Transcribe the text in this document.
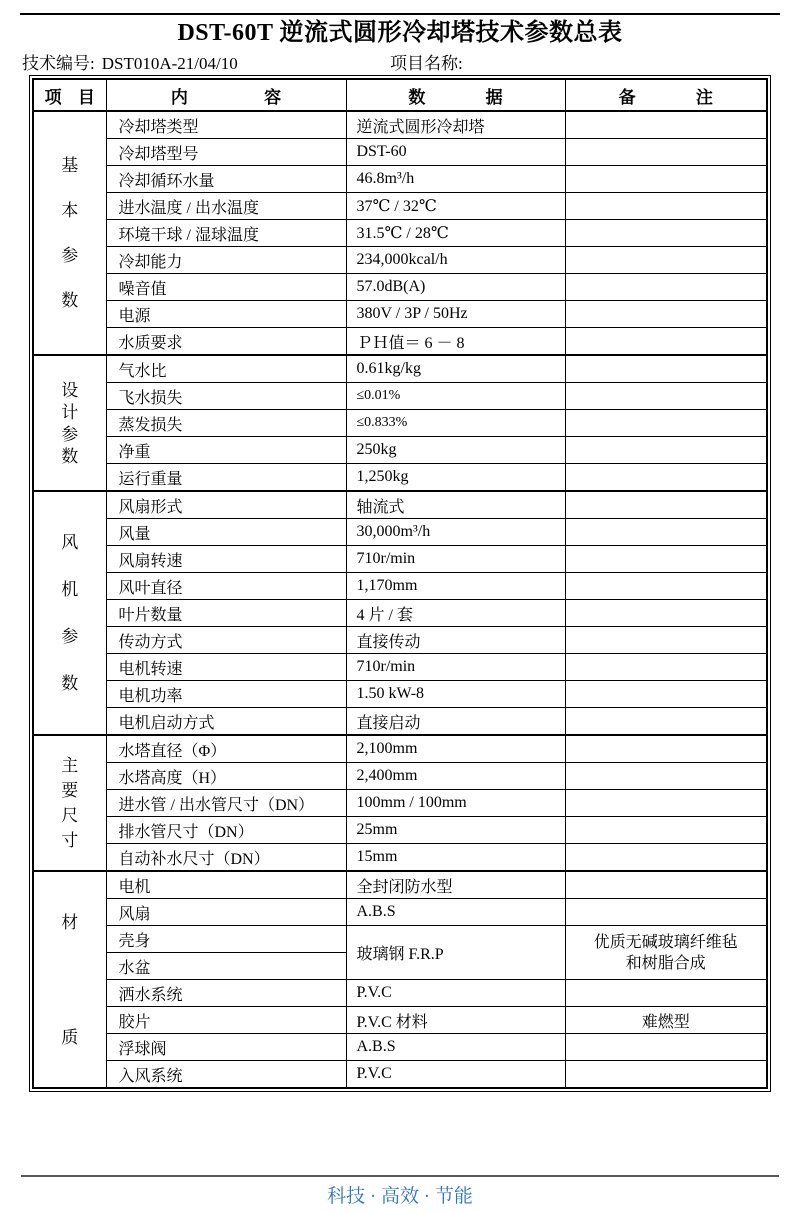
DST-60T 逆流式圆形冷却塔技术参数总表
技术编号: DST010A-21/04/10	项目名称:
项 目	内 容	数 据	备 注

基
本
参
数	冷却塔类型	逆流式圆形冷却塔	
	冷却塔型号	DST-60	
	冷却循环水量	46.8m³/h	
	进水温度 / 出水温度	37℃ / 32℃	
	环境干球 / 湿球温度	31.5℃ / 28℃	
	冷却能力	234,000kcal/h	
	噪音值	57.0dB(A)	
	电源	380V / 3P / 50Hz	
	水质要求	ＰＨ值＝ 6 － 8	

设
计
参
数	气水比	0.61kg/kg	
	飞水损失	≤0.01%	
	蒸发损失	≤0.833%	
	净重	250kg	
	运行重量	1,250kg	

风
机
参
数	风扇形式	轴流式	
	风量	30,000m³/h	
	风扇转速	710r/min	
	风叶直径	1,170mm	
	叶片数量	4 片 / 套	
	传动方式	直接传动	
	电机转速	710r/min	
	电机功率	1.50 kW-8	
	电机启动方式	直接启动	

主
要
尺
寸	水塔直径（Φ）	2,100mm	
	水塔高度（H）	2,400mm	
	进水管 / 出水管尺寸（DN）	100mm / 100mm	
	排水管尺寸（DN）	25mm	
	自动补水尺寸（DN）	15mm	

材
质	电机	全封闭防水型	
	风扇	A.B.S	
	壳身	玻璃钢 F.R.P	优质无碱玻璃纤维毡
和树脂合成

	水盆		
	洒水系统	P.V.C	
	胶片	P.V.C 材料	难燃型
	浮球阀	A.B.S	
	入风系统	P.V.C	
科技 · 高效 · 节能
